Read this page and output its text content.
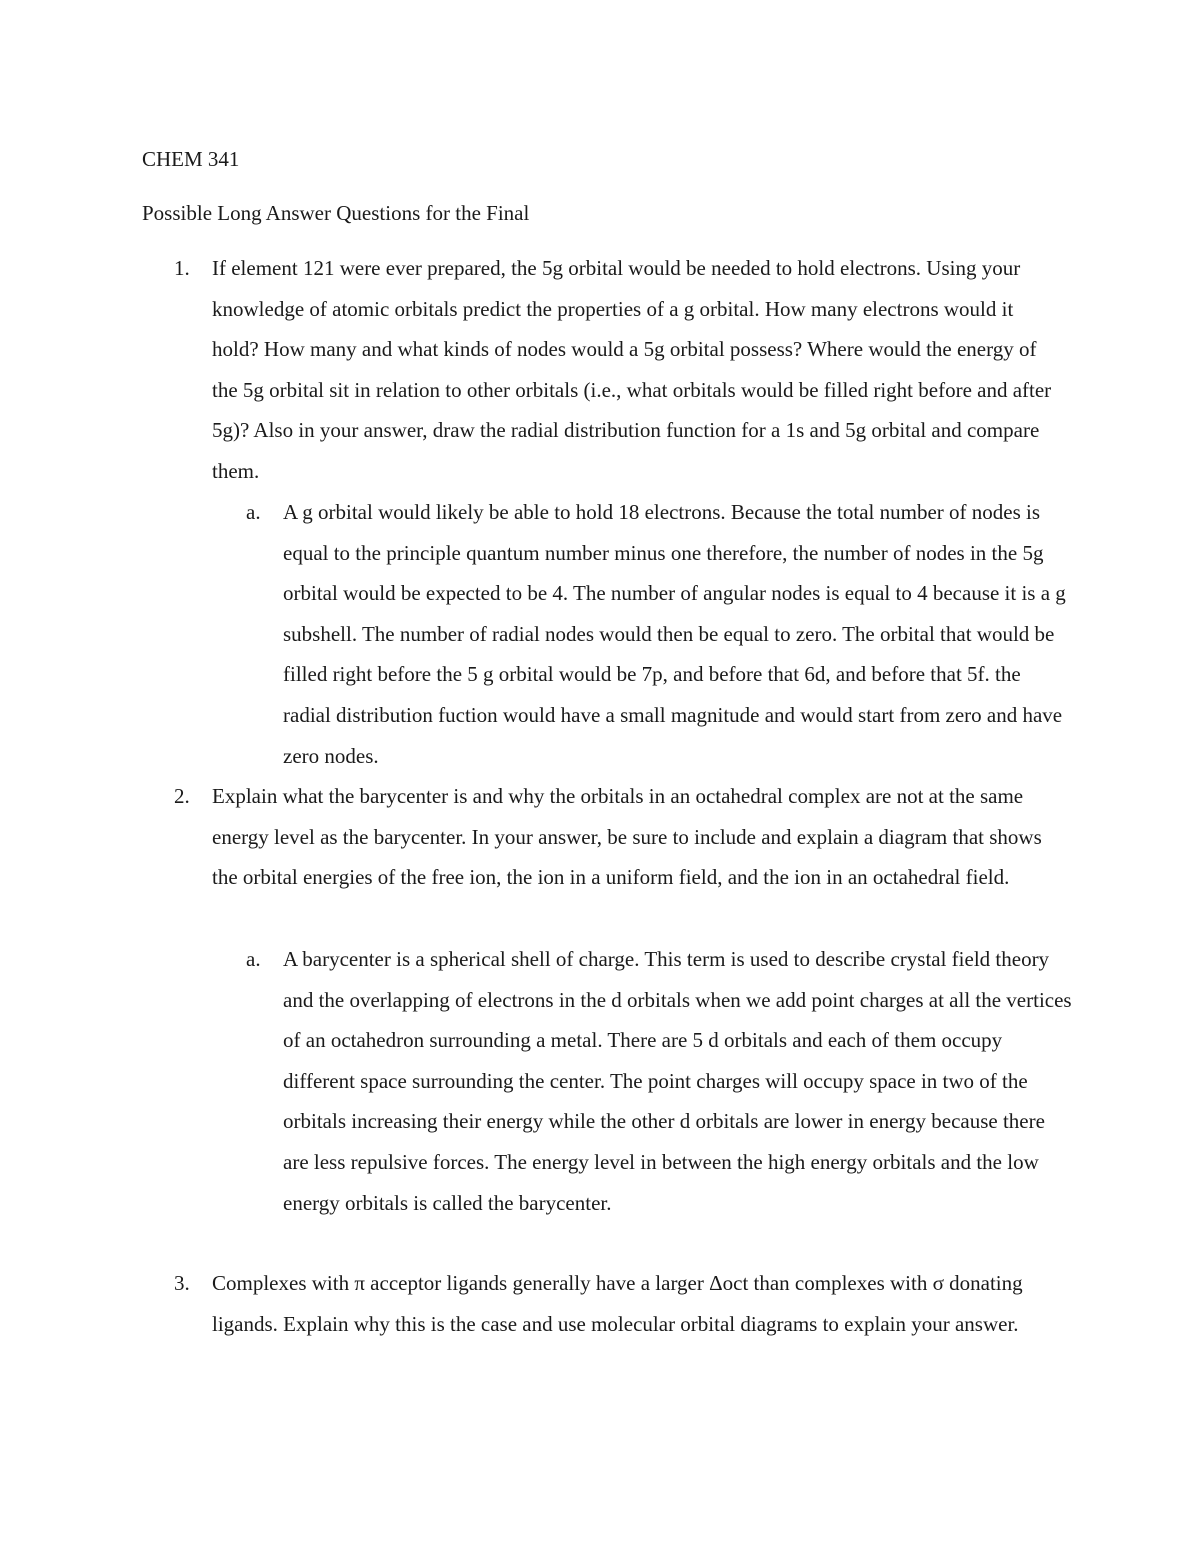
CHEM 341
Possible Long Answer Questions for the Final
1. If element 121 were ever prepared, the 5g orbital would be needed to hold electrons. Using your knowledge of atomic orbitals predict the properties of a g orbital. How many electrons would it hold? How many and what kinds of nodes would a 5g orbital possess? Where would the energy of the 5g orbital sit in relation to other orbitals (i.e., what orbitals would be filled right before and after 5g)? Also in your answer, draw the radial distribution function for a 1s and 5g orbital and compare them.
a. A g orbital would likely be able to hold 18 electrons. Because the total number of nodes is equal to the principle quantum number minus one therefore, the number of nodes in the 5g orbital would be expected to be 4. The number of angular nodes is equal to 4 because it is a g subshell. The number of radial nodes would then be equal to zero. The orbital that would be filled right before the 5 g orbital would be 7p, and before that 6d, and before that 5f. the radial distribution fuction would have a small magnitude and would start from zero and have zero nodes.
2. Explain what the barycenter is and why the orbitals in an octahedral complex are not at the same energy level as the barycenter. In your answer, be sure to include and explain a diagram that shows the orbital energies of the free ion, the ion in a uniform field, and the ion in an octahedral field.
a. A barycenter is a spherical shell of charge. This term is used to describe crystal field theory and the overlapping of electrons in the d orbitals when we add point charges at all the vertices of an octahedron surrounding a metal. There are 5 d orbitals and each of them occupy different space surrounding the center. The point charges will occupy space in two of the orbitals increasing their energy while the other d orbitals are lower in energy because there are less repulsive forces. The energy level in between the high energy orbitals and the low energy orbitals is called the barycenter.
3. Complexes with π acceptor ligands generally have a larger Δoct than complexes with σ donating ligands. Explain why this is the case and use molecular orbital diagrams to explain your answer.
